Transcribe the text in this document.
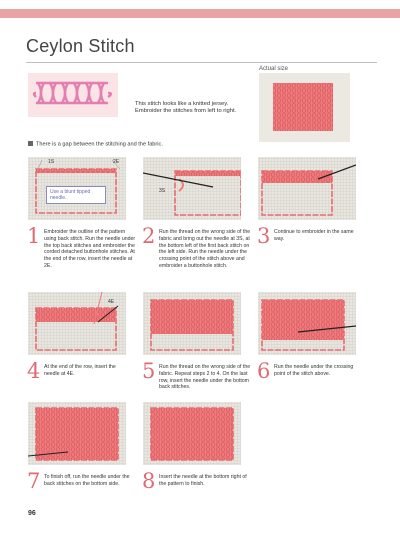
Ceylon Stitch
Actual size
This stitch looks like a knitted jersey. Embroider the stitches from left to right.
There is a gap between the stitching and the fabric.
1S	2E
Use a blunt tipped needle.
3S
1 Embroider the outline of the pattern using back stitch. Run the needle under the top back stitches and embroider the corded detached buttonhole stitches. At the end of the row, insert the needle at 2E.
2 Run the thread on the wrong side of the fabric and bring out the needle at 3S, at the bottom left of the first back stitch on the left side. Run the needle under the crossing point of the stitch above and embroider a buttonhole stitch.
3 Continue to embroider in the same way.
4E
4 At the end of the row, insert the needle at 4E.	5 Run the thread on the wrong side of the fabric. Repeat steps 2 to 4. On the last row, insert the needle under the bottom back stitches.
6 Run the needle under the crossing point of the stitch above.
7 To finish off, run the needle under the back stitches on the bottom side.	8 Insert the needle at the bottom right of the pattern to finish.
96
